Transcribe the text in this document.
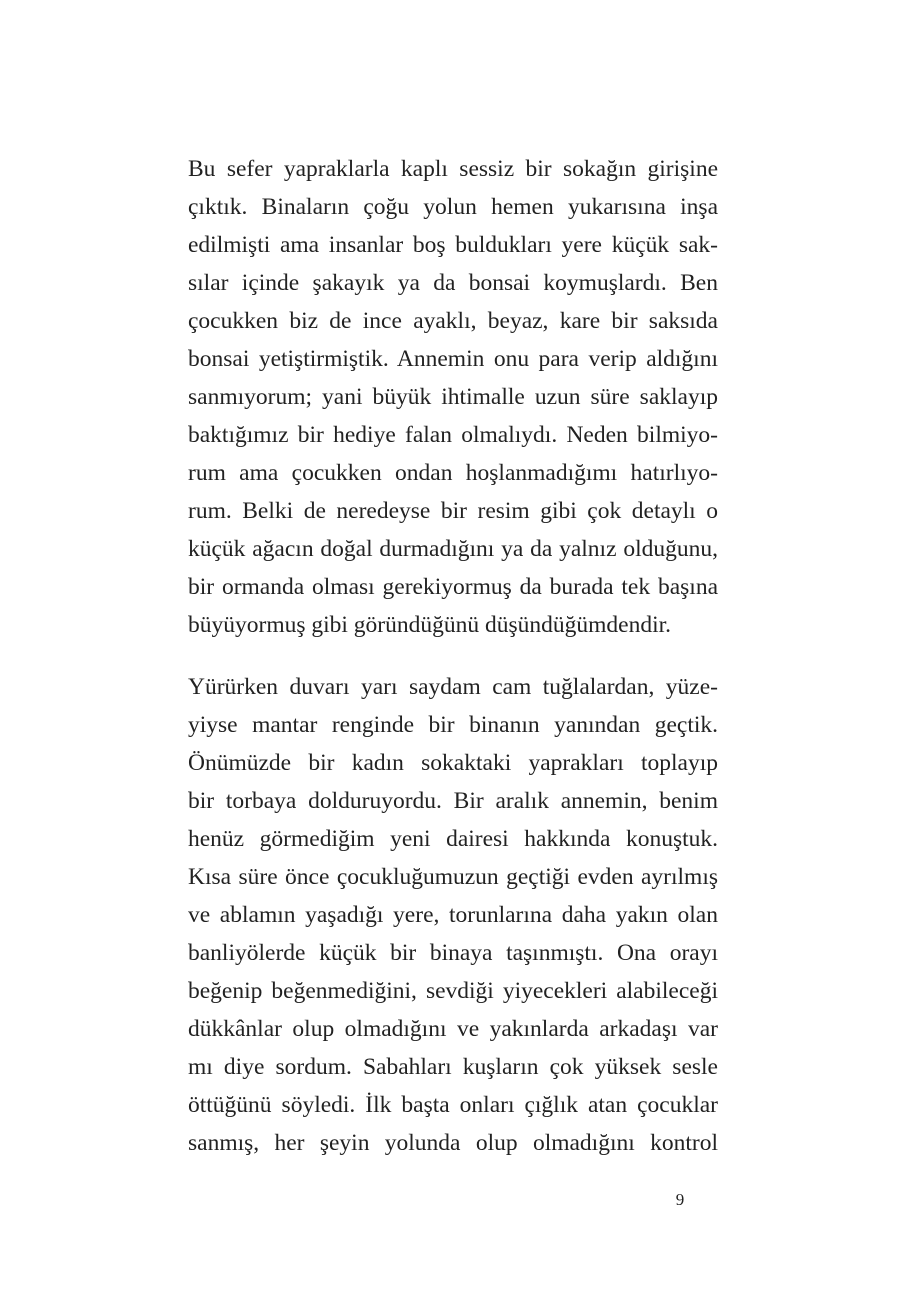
Bu sefer yapraklarla kaplı sessiz bir sokağın girişine
çıktık. Binaların çoğu yolun hemen yukarısına inşa
edilmişti ama insanlar boş buldukları yere küçük sak-
sılar içinde şakayık ya da bonsai koymuşlardı. Ben
çocukken biz de ince ayaklı, beyaz, kare bir saksıda
bonsai yetiştirmiştik. Annemin onu para verip aldığını
sanmıyorum; yani büyük ihtimalle uzun süre saklayıp
baktığımız bir hediye falan olmalıydı. Neden bilmiyo-
rum ama çocukken ondan hoşlanmadığımı hatırlıyo-
rum. Belki de neredeyse bir resim gibi çok detaylı o
küçük ağacın doğal durmadığını ya da yalnız olduğunu,
bir ormanda olması gerekiyormuş da burada tek başına
büyüyormuş gibi göründüğünü düşündüğümdendir.
Yürürken duvarı yarı saydam cam tuğlalardan, yüze-
yiyse mantar renginde bir binanın yanından geçtik.
Önümüzde bir kadın sokaktaki yaprakları toplayıp
bir torbaya dolduruyordu. Bir aralık annemin, benim
henüz görmediğim yeni dairesi hakkında konuştuk.
Kısa süre önce çocukluğumuzun geçtiği evden ayrılmış
ve ablamın yaşadığı yere, torunlarına daha yakın olan
banliyölerde küçük bir binaya taşınmıştı. Ona orayı
beğenip beğenmediğini, sevdiği yiyecekleri alabileceği
dükkânlar olup olmadığını ve yakınlarda arkadaşı var
mı diye sordum. Sabahları kuşların çok yüksek sesle
öttüğünü söyledi. İlk başta onları çığlık atan çocuklar
sanmış, her şeyin yolunda olup olmadığını kontrol
9
